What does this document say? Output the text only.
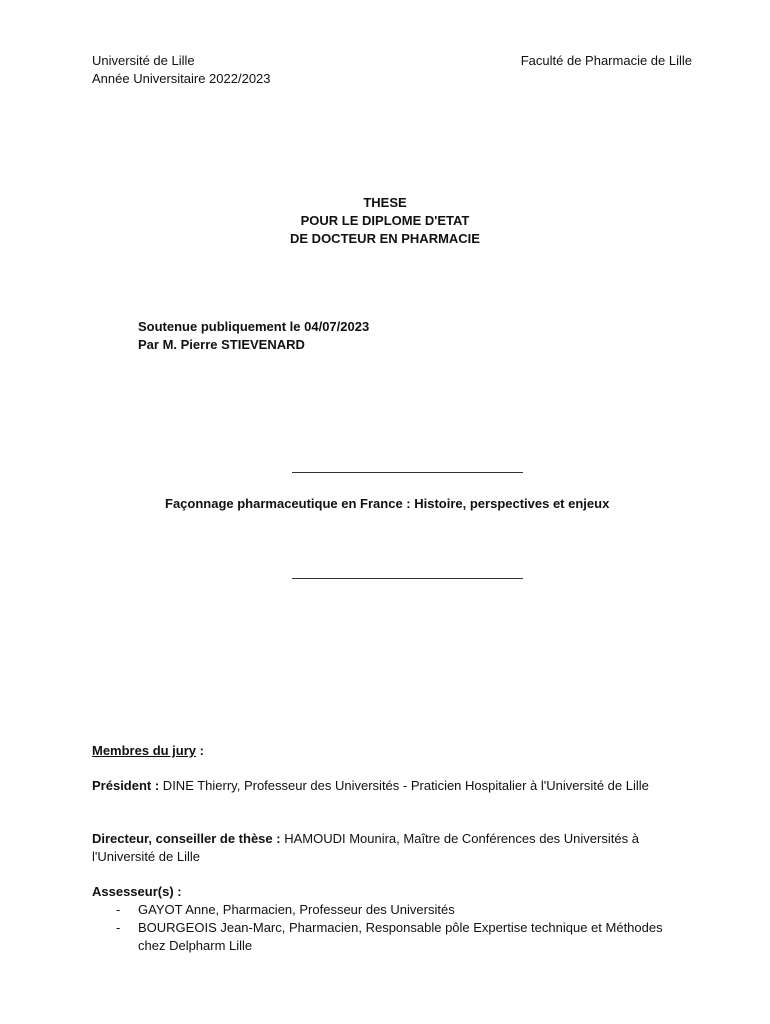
Université de Lille
Année Universitaire 2022/2023
Faculté de Pharmacie de Lille
THESE
POUR LE DIPLOME D'ETAT
DE DOCTEUR EN PHARMACIE
Soutenue publiquement le 04/07/2023
Par M. Pierre STIEVENARD
Façonnage pharmaceutique en France : Histoire, perspectives et enjeux
Membres du jury :
Président : DINE Thierry, Professeur des Universités - Praticien Hospitalier à l'Université de Lille
Directeur, conseiller de thèse : HAMOUDI Mounira, Maître de Conférences des Universités à l'Université de Lille
Assesseur(s) :
- GAYOT Anne, Pharmacien, Professeur des Universités
- BOURGEOIS Jean-Marc, Pharmacien, Responsable pôle Expertise technique et Méthodes chez Delpharm Lille
